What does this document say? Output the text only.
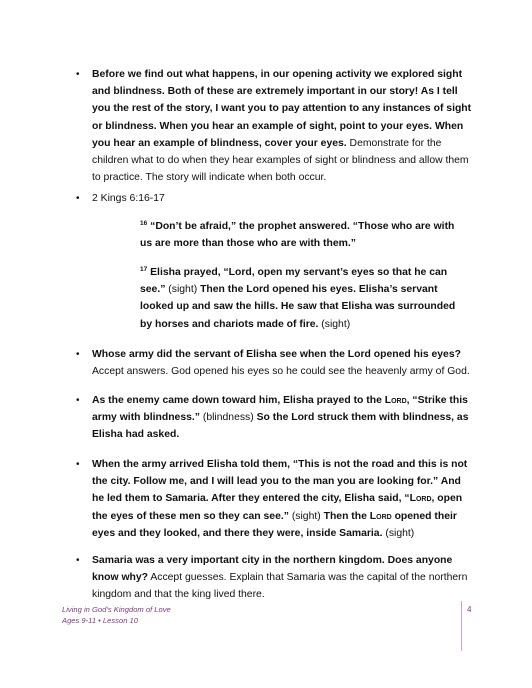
•	Before we find out what happens, in our opening activity we explored sight and blindness. Both of these are extremely important in our story! As I tell you the rest of the story, I want you to pay attention to any instances of sight or blindness. When you hear an example of sight, point to your eyes. When you hear an example of blindness, cover your eyes. Demonstrate for the children what to do when they hear examples of sight or blindness and allow them to practice. The story will indicate when both occur.
•	2 Kings 6:16-17
$^{16}$ “Don’t be afraid,” the prophet answered. “Those who are with us are more than those who are with them.”
$^{17}$ Elisha prayed, “Lord, open my servant’s eyes so that he can see.” (sight) Then the Lord opened his eyes. Elisha’s servant looked up and saw the hills. He saw that Elisha was surrounded by horses and chariots made of fire. (sight)
•	Whose army did the servant of Elisha see when the Lord opened his eyes? Accept answers. God opened his eyes so he could see the heavenly army of God.
•	As the enemy came down toward him, Elisha prayed to the Lord, “Strike this army with blindness.” (blindness) So the Lord struck them with blindness, as Elisha had asked.
•	When the army arrived Elisha told them, “This is not the road and this is not the city. Follow me, and I will lead you to the man you are looking for.” And he led them to Samaria. After they entered the city, Elisha said, “Lord, open the eyes of these men so they can see.” (sight) Then the Lord opened their eyes and they looked, and there they were, inside Samaria. (sight)
•	Samaria was a very important city in the northern kingdom. Does anyone know why? Accept guesses. Explain that Samaria was the capital of the northern kingdom and that the king lived there.
Living in God’s Kingdom of Love
Ages 9-11 • Lesson 10
4
